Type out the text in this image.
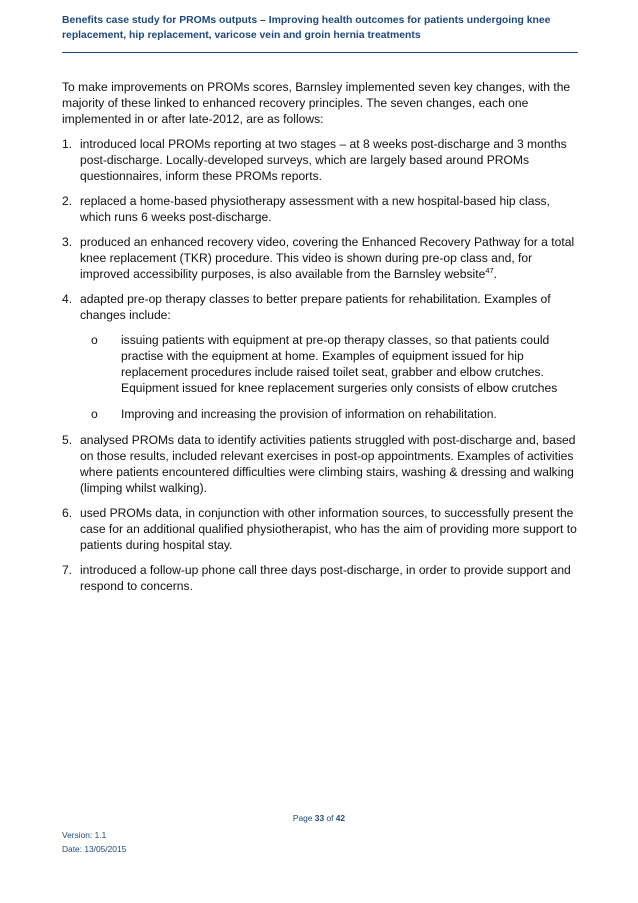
Benefits case study for PROMs outputs – Improving health outcomes for patients undergoing knee
replacement, hip replacement, varicose vein and groin hernia treatments

To make improvements on PROMs scores, Barnsley implemented seven key changes, with the majority of these linked to enhanced recovery principles. The seven changes, each one implemented in or after late-2012, are as follows:

1. introduced local PROMs reporting at two stages – at 8 weeks post-discharge and 3 months post-discharge. Locally-developed surveys, which are largely based around PROMs questionnaires, inform these PROMs reports.
2. replaced a home-based physiotherapy assessment with a new hospital-based hip class, which runs 6 weeks post-discharge.
3. produced an enhanced recovery video, covering the Enhanced Recovery Pathway for a total knee replacement (TKR) procedure. This video is shown during pre-op class and, for improved accessibility purposes, is also available from the Barnsley website$^{47}$.
4. adapted pre-op therapy classes to better prepare patients for rehabilitation. Examples of changes include:
o issuing patients with equipment at pre-op therapy classes, so that patients could practise with the equipment at home. Examples of equipment issued for hip replacement procedures include raised toilet seat, grabber and elbow crutches. Equipment issued for knee replacement surgeries only consists of elbow crutches
o Improving and increasing the provision of information on rehabilitation.
5. analysed PROMs data to identify activities patients struggled with post-discharge and, based on those results, included relevant exercises in post-op appointments. Examples of activities where patients encountered difficulties were climbing stairs, washing & dressing and walking (limping whilst walking).
6. used PROMs data, in conjunction with other information sources, to successfully present the case for an additional qualified physiotherapist, who has the aim of providing more support to patients during hospital stay.
7. introduced a follow-up phone call three days post-discharge, in order to provide support and respond to concerns.
Page 33 of 42
Version: 1.1
Date: 13/05/2015
